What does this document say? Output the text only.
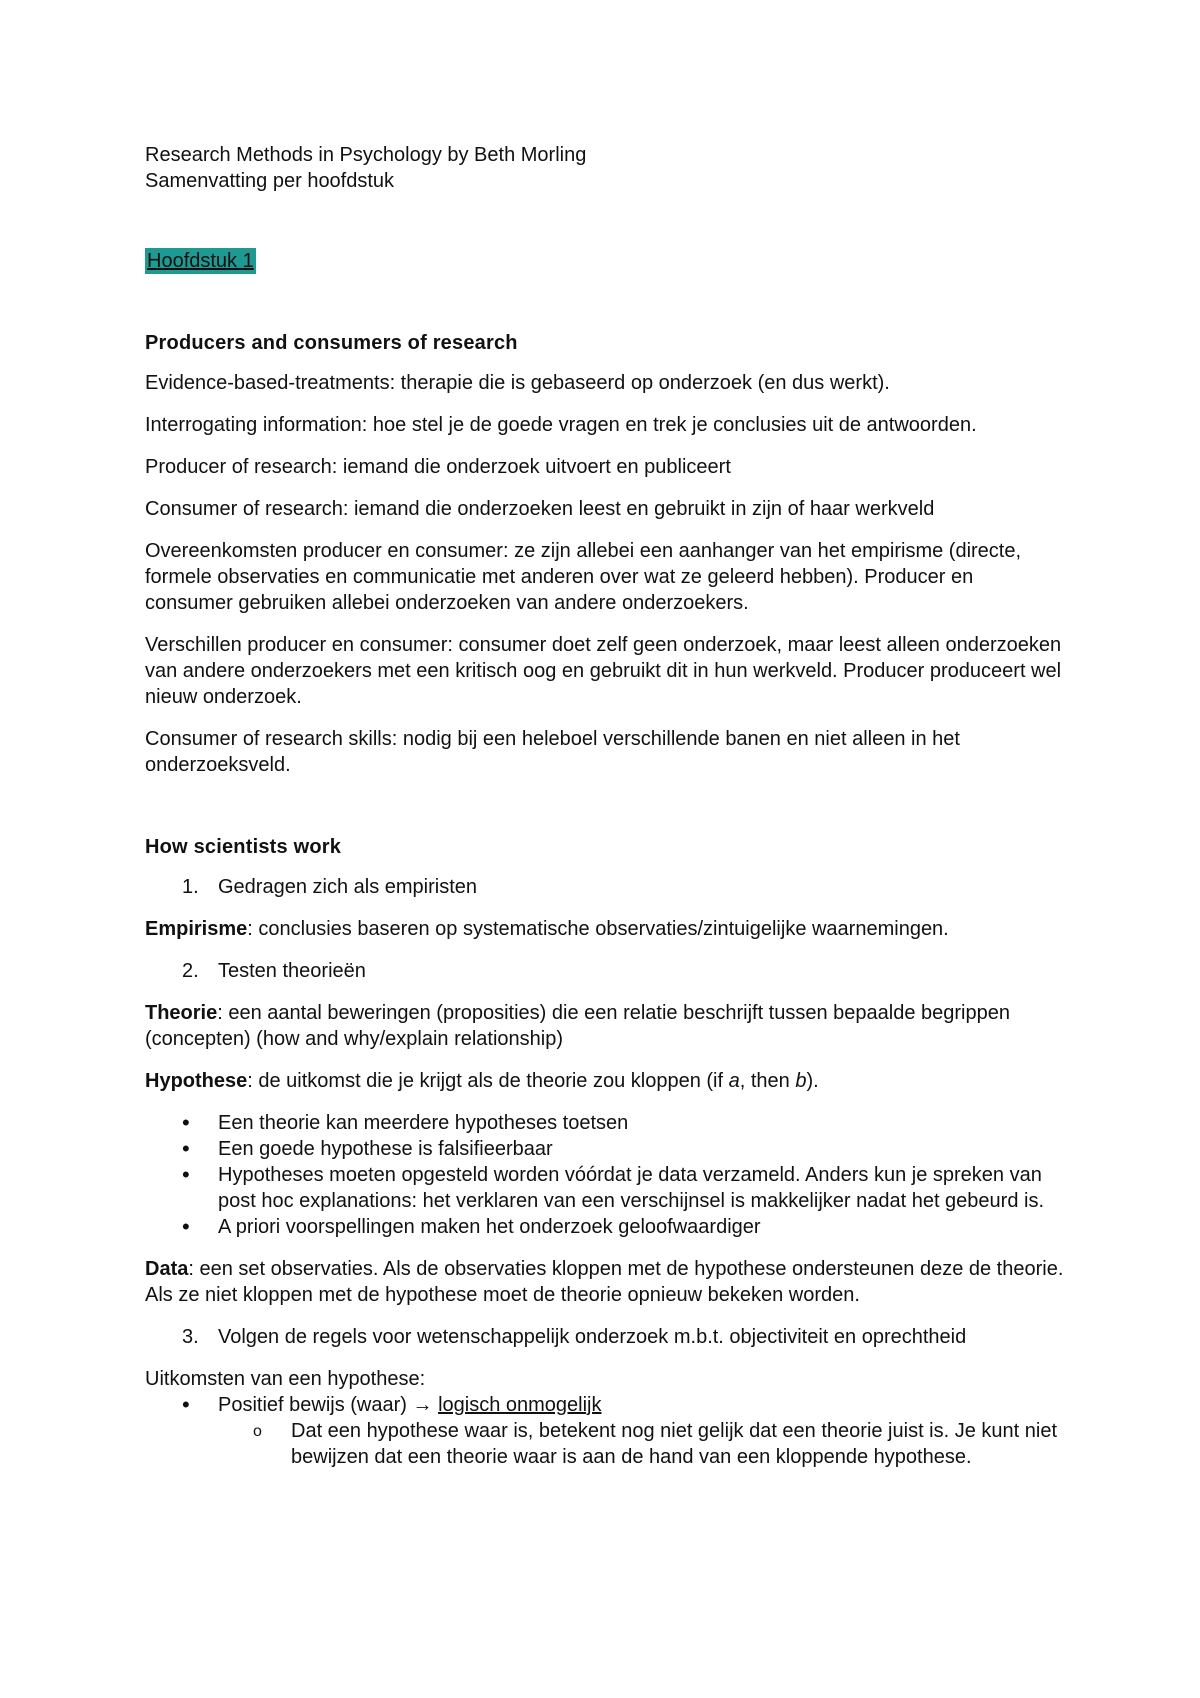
Research Methods in Psychology by Beth Morling

Samenvatting per hoofdstuk

Hoofdstuk 1

Producers and consumers of research

Evidence-based-treatments: therapie die is gebaseerd op onderzoek (en dus werkt).

Interrogating information: hoe stel je de goede vragen en trek je conclusies uit de antwoorden.

Producer of research: iemand die onderzoek uitvoert en publiceert

Consumer of research: iemand die onderzoeken leest en gebruikt in zijn of haar werkveld

Overeenkomsten producer en consumer: ze zijn allebei een aanhanger van het empirisme (directe, formele observaties en communicatie met anderen over wat ze geleerd hebben). Producer en consumer gebruiken allebei onderzoeken van andere onderzoekers.

Verschillen producer en consumer: consumer doet zelf geen onderzoek, maar leest alleen onderzoeken van andere onderzoekers met een kritisch oog en gebruikt dit in hun werkveld. Producer produceert wel nieuw onderzoek.

Consumer of research skills: nodig bij een heleboel verschillende banen en niet alleen in het onderzoeksveld.

How scientists work

1. Gedragen zich als empiristen

Empirisme: conclusies baseren op systematische observaties/zintuigelijke waarnemingen.

2. Testen theorieën

Theorie: een aantal beweringen (proposities) die een relatie beschrijft tussen bepaalde begrippen (concepten) (how and why/explain relationship)

Hypothese: de uitkomst die je krijgt als de theorie zou kloppen (if a, then b).

• Een theorie kan meerdere hypotheses toetsen
• Een goede hypothese is falsifieerbaar
• Hypotheses moeten opgesteld worden vóórdat je data verzameld. Anders kun je spreken van post hoc explanations: het verklaren van een verschijnsel is makkelijker nadat het gebeurd is.
• A priori voorspellingen maken het onderzoek geloofwaardiger

Data: een set observaties. Als de observaties kloppen met de hypothese ondersteunen deze de theorie. Als ze niet kloppen met de hypothese moet de theorie opnieuw bekeken worden.

3. Volgen de regels voor wetenschappelijk onderzoek m.b.t. objectiviteit en oprechtheid

Uitkomsten van een hypothese:

• Positief bewijs (waar) → logisch onmogelijk
o Dat een hypothese waar is, betekent nog niet gelijk dat een theorie juist is. Je kunt niet bewijzen dat een theorie waar is aan de hand van een kloppende hypothese.
